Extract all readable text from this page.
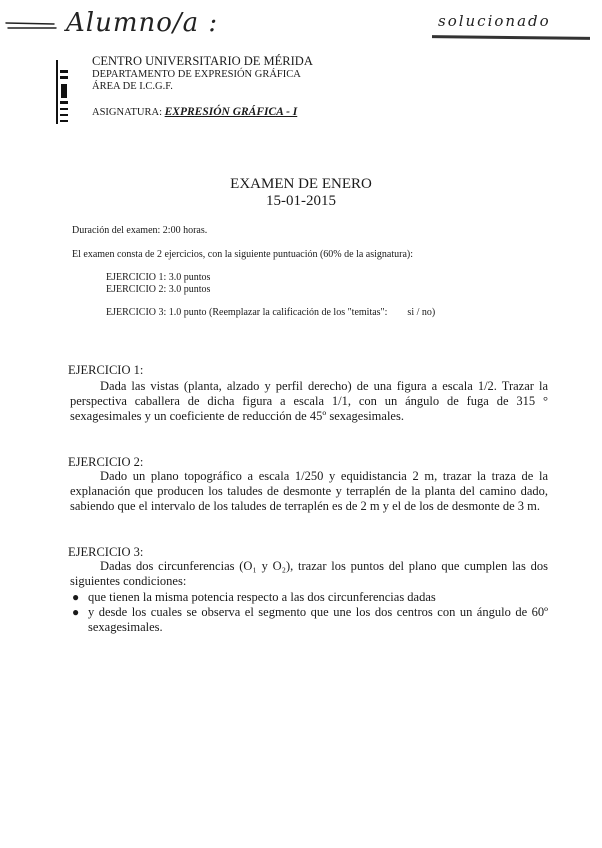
Alumno/a :	solucionado
CENTRO UNIVERSITARIO DE MÉRIDA
DEPARTAMENTO DE EXPRESIÓN GRÁFICA
ÁREA DE I.C.G.F.
ASIGNATURA: EXPRESIÓN GRÁFICA - I
EXAMEN DE ENERO
15-01-2015
Duración del examen: 2:00 horas.
El examen consta de 2 ejercicios, con la siguiente puntuación (60% de la asignatura):
EJERCICIO 1: 3.0 puntos
EJERCICIO 2: 3.0 puntos
EJERCICIO 3: 1.0 punto (Reemplazar la calificación de los "temitas": si / no)
EJERCICIO 1:
Dada las vistas (planta, alzado y perfil derecho) de una figura a escala 1/2. Trazar la perspectiva caballera de dicha figura a escala 1/1, con un ángulo de fuga de 315 ° sexagesimales y un coeficiente de reducción de 45º sexagesimales.
EJERCICIO 2:
Dado un plano topográfico a escala 1/250 y equidistancia 2 m, trazar la traza de la explanación que producen los taludes de desmonte y terraplén de la planta del camino dado, sabiendo que el intervalo de los taludes de terraplén es de 2 m y el de los de desmonte de 3 m.
EJERCICIO 3:
Dadas dos circunferencias (O₁ y O₂), trazar los puntos del plano que cumplen las dos siguientes condiciones:
● que tienen la misma potencia respecto a las dos circunferencias dadas
● y desde los cuales se observa el segmento que une los dos centros con un ángulo de 60º sexagesimales.
